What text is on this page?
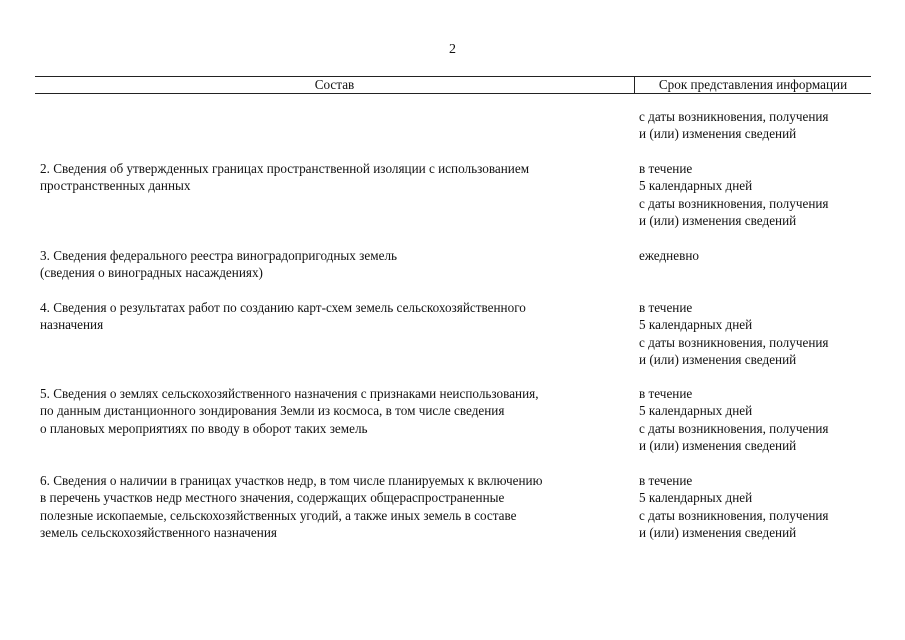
2
Состав	Срок представления информации
с даты возникновения, получения
и (или) изменения сведений
2. Сведения об утвержденных границах пространственной изоляции с использованием
пространственных данных
в течение
5 календарных дней
с даты возникновения, получения
и (или) изменения сведений
3. Сведения федерального реестра виноградопригодных земель
(сведения о виноградных насаждениях)
ежедневно
4. Сведения о результатах работ по созданию карт-схем земель сельскохозяйственного
назначения
в течение
5 календарных дней
с даты возникновения, получения
и (или) изменения сведений
5. Сведения о землях сельскохозяйственного назначения с признаками неиспользования,
по данным дистанционного зондирования Земли из космоса, в том числе сведения
о плановых мероприятиях по вводу в оборот таких земель
в течение
5 календарных дней
с даты возникновения, получения
и (или) изменения сведений
6. Сведения о наличии в границах участков недр, в том числе планируемых к включению
в перечень участков недр местного значения, содержащих общераспространенные
полезные ископаемые, сельскохозяйственных угодий, а также иных земель в составе
земель сельскохозяйственного назначения
в течение
5 календарных дней
с даты возникновения, получения
и (или) изменения сведений
